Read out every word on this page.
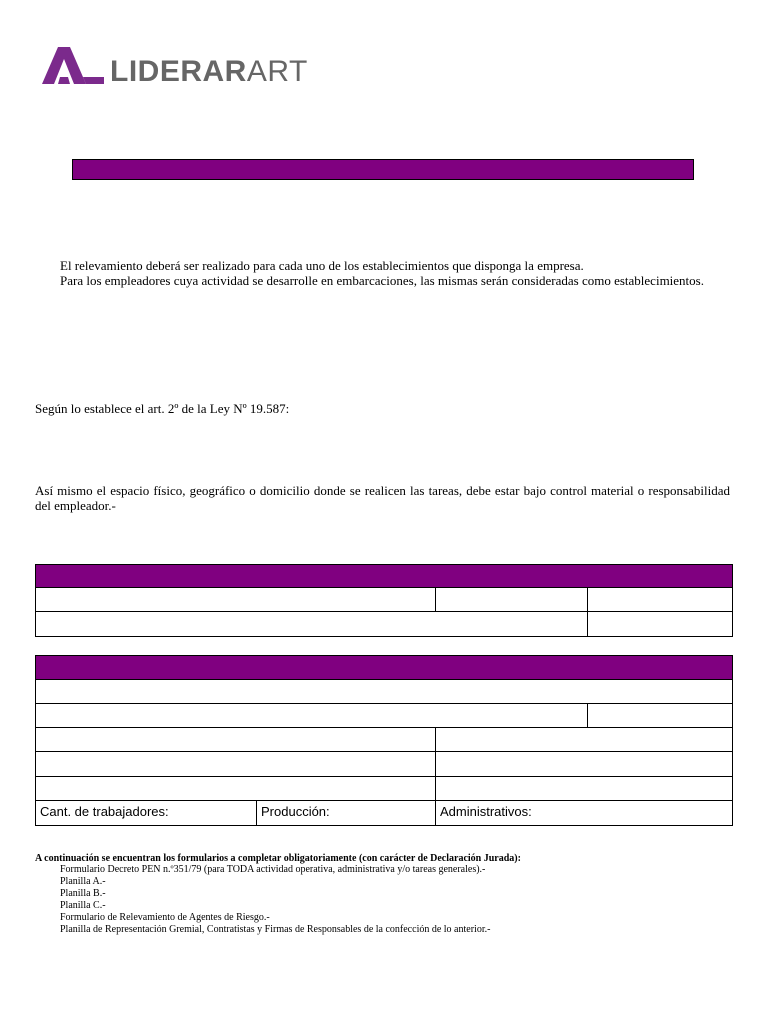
LIDERARART
El relevamiento deberá ser realizado para cada uno de los establecimientos que disponga la empresa.
Para los empleadores cuya actividad se desarrolle en embarcaciones, las mismas serán consideradas como establecimientos.
Según lo establece el art. 2º de la Ley Nº 19.587:
Así mismo el espacio físico, geográfico o domicilio donde se realicen las tareas, debe estar bajo control material o responsabilidad del empleador.-
Cant. de trabajadores:	Producción:	Administrativos:
A continuación se encuentran los formularios a completar obligatoriamente (con carácter de Declaración Jurada):
Formulario Decreto PEN n.º351/79 (para TODA actividad operativa, administrativa y/o tareas generales).-
Planilla A.-
Planilla B.-
Planilla C.-
Formulario de Relevamiento de Agentes de Riesgo.-
Planilla de Representación Gremial, Contratistas y Firmas de Responsables de la confección de lo anterior.-
